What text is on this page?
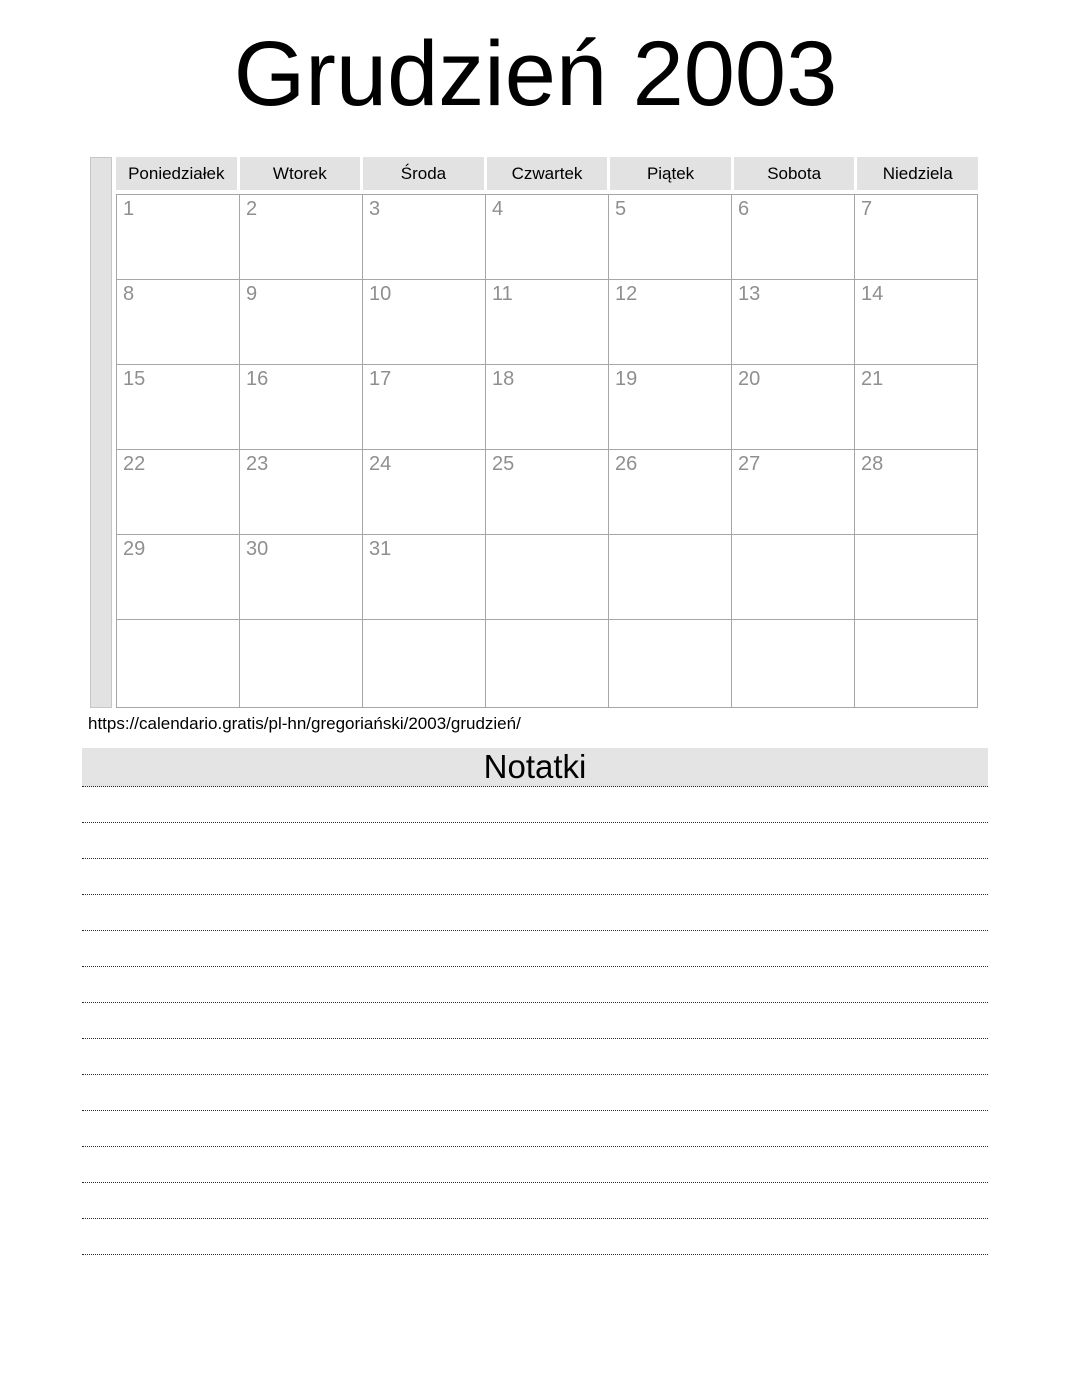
Grudzień 2003
Poniedziałek	Wtorek	Środa	Czwartek	Piątek	Sobota	Niedziela
1	2	3	4	5	6	7
8	9	10	11	12	13	14
15	16	17	18	19	20	21
22	23	24	25	26	27	28
29	30	31
https://calendario.gratis/pl-hn/gregoriański/2003/grudzień/
Notatki
